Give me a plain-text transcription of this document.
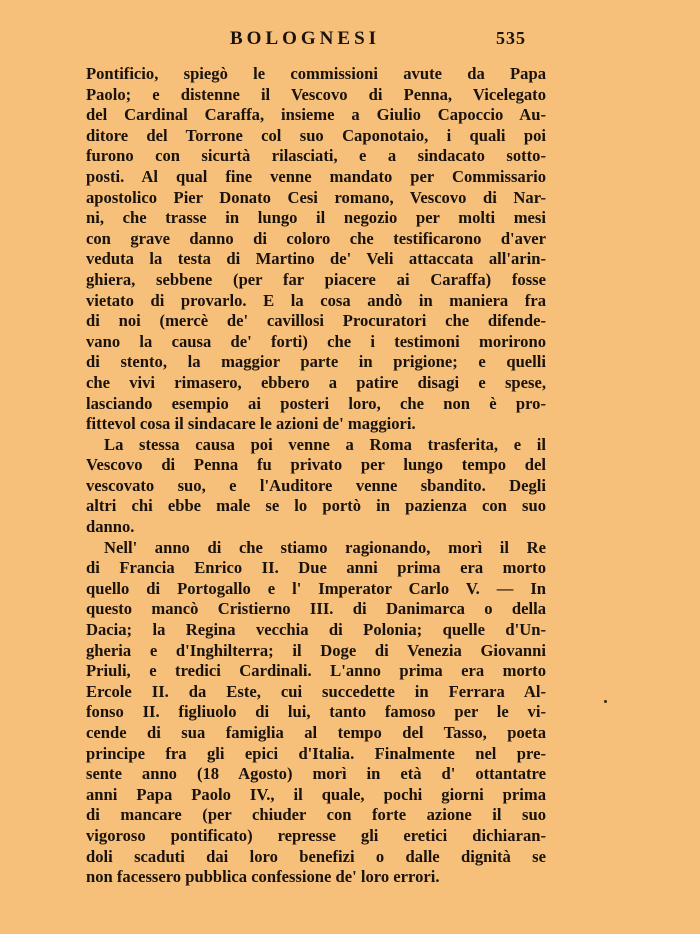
BOLOGNESI	535
Pontificio, spiegò le commissioni avute da Papa
Paolo; e distenne il Vescovo di Penna, Vicelegato
del Cardinal Caraffa, insieme a Giulio Capoccio Au-
ditore del Torrone col suo Caponotaio, i quali poi
furono con sicurtà rilasciati, e a sindacato sotto-
posti. Al qual fine venne mandato per Commissario
apostolico Pier Donato Cesi romano, Vescovo di Nar-
ni, che trasse in lungo il negozio per molti mesi
con grave danno di coloro che testificarono d'aver
veduta la testa di Martino de' Veli attaccata all'arin-
ghiera, sebbene (per far piacere ai Caraffa) fosse
vietato di provarlo. E la cosa andò in maniera fra
di noi (mercè de' cavillosi Procuratori che difende-
vano la causa de' forti) che i testimoni morirono
di stento, la maggior parte in prigione; e quelli
che vivi rimasero, ebbero a patire disagi e spese,
lasciando esempio ai posteri loro, che non è pro-
fittevol cosa il sindacare le azioni de' maggiori.
La stessa causa poi venne a Roma trasferita, e il
Vescovo di Penna fu privato per lungo tempo del
vescovato suo, e l'Auditore venne sbandito. Degli
altri chi ebbe male se lo portò in pazienza con suo
danno.
Nell' anno di che stiamo ragionando, morì il Re
di Francia Enrico II. Due anni prima era morto
quello di Portogallo e l' Imperator Carlo V. — In
questo mancò Cristierno III. di Danimarca o della
Dacia; la Regina vecchia di Polonia; quelle d'Un-
gheria e d'Inghilterra; il Doge di Venezia Giovanni
Priuli, e tredici Cardinali. L'anno prima era morto
Ercole II. da Este, cui succedette in Ferrara Al-
fonso II. figliuolo di lui, tanto famoso per le vi-
cende di sua famiglia al tempo del Tasso, poeta
principe fra gli epici d'Italia. Finalmente nel pre-
sente anno (18 Agosto) morì in età d' ottantatre
anni Papa Paolo IV., il quale, pochi giorni prima
di mancare (per chiuder con forte azione il suo
vigoroso pontificato) represse gli eretici dichiaran-
doli scaduti dai loro benefizi o dalle dignità se
non facessero pubblica confessione de' loro errori.
